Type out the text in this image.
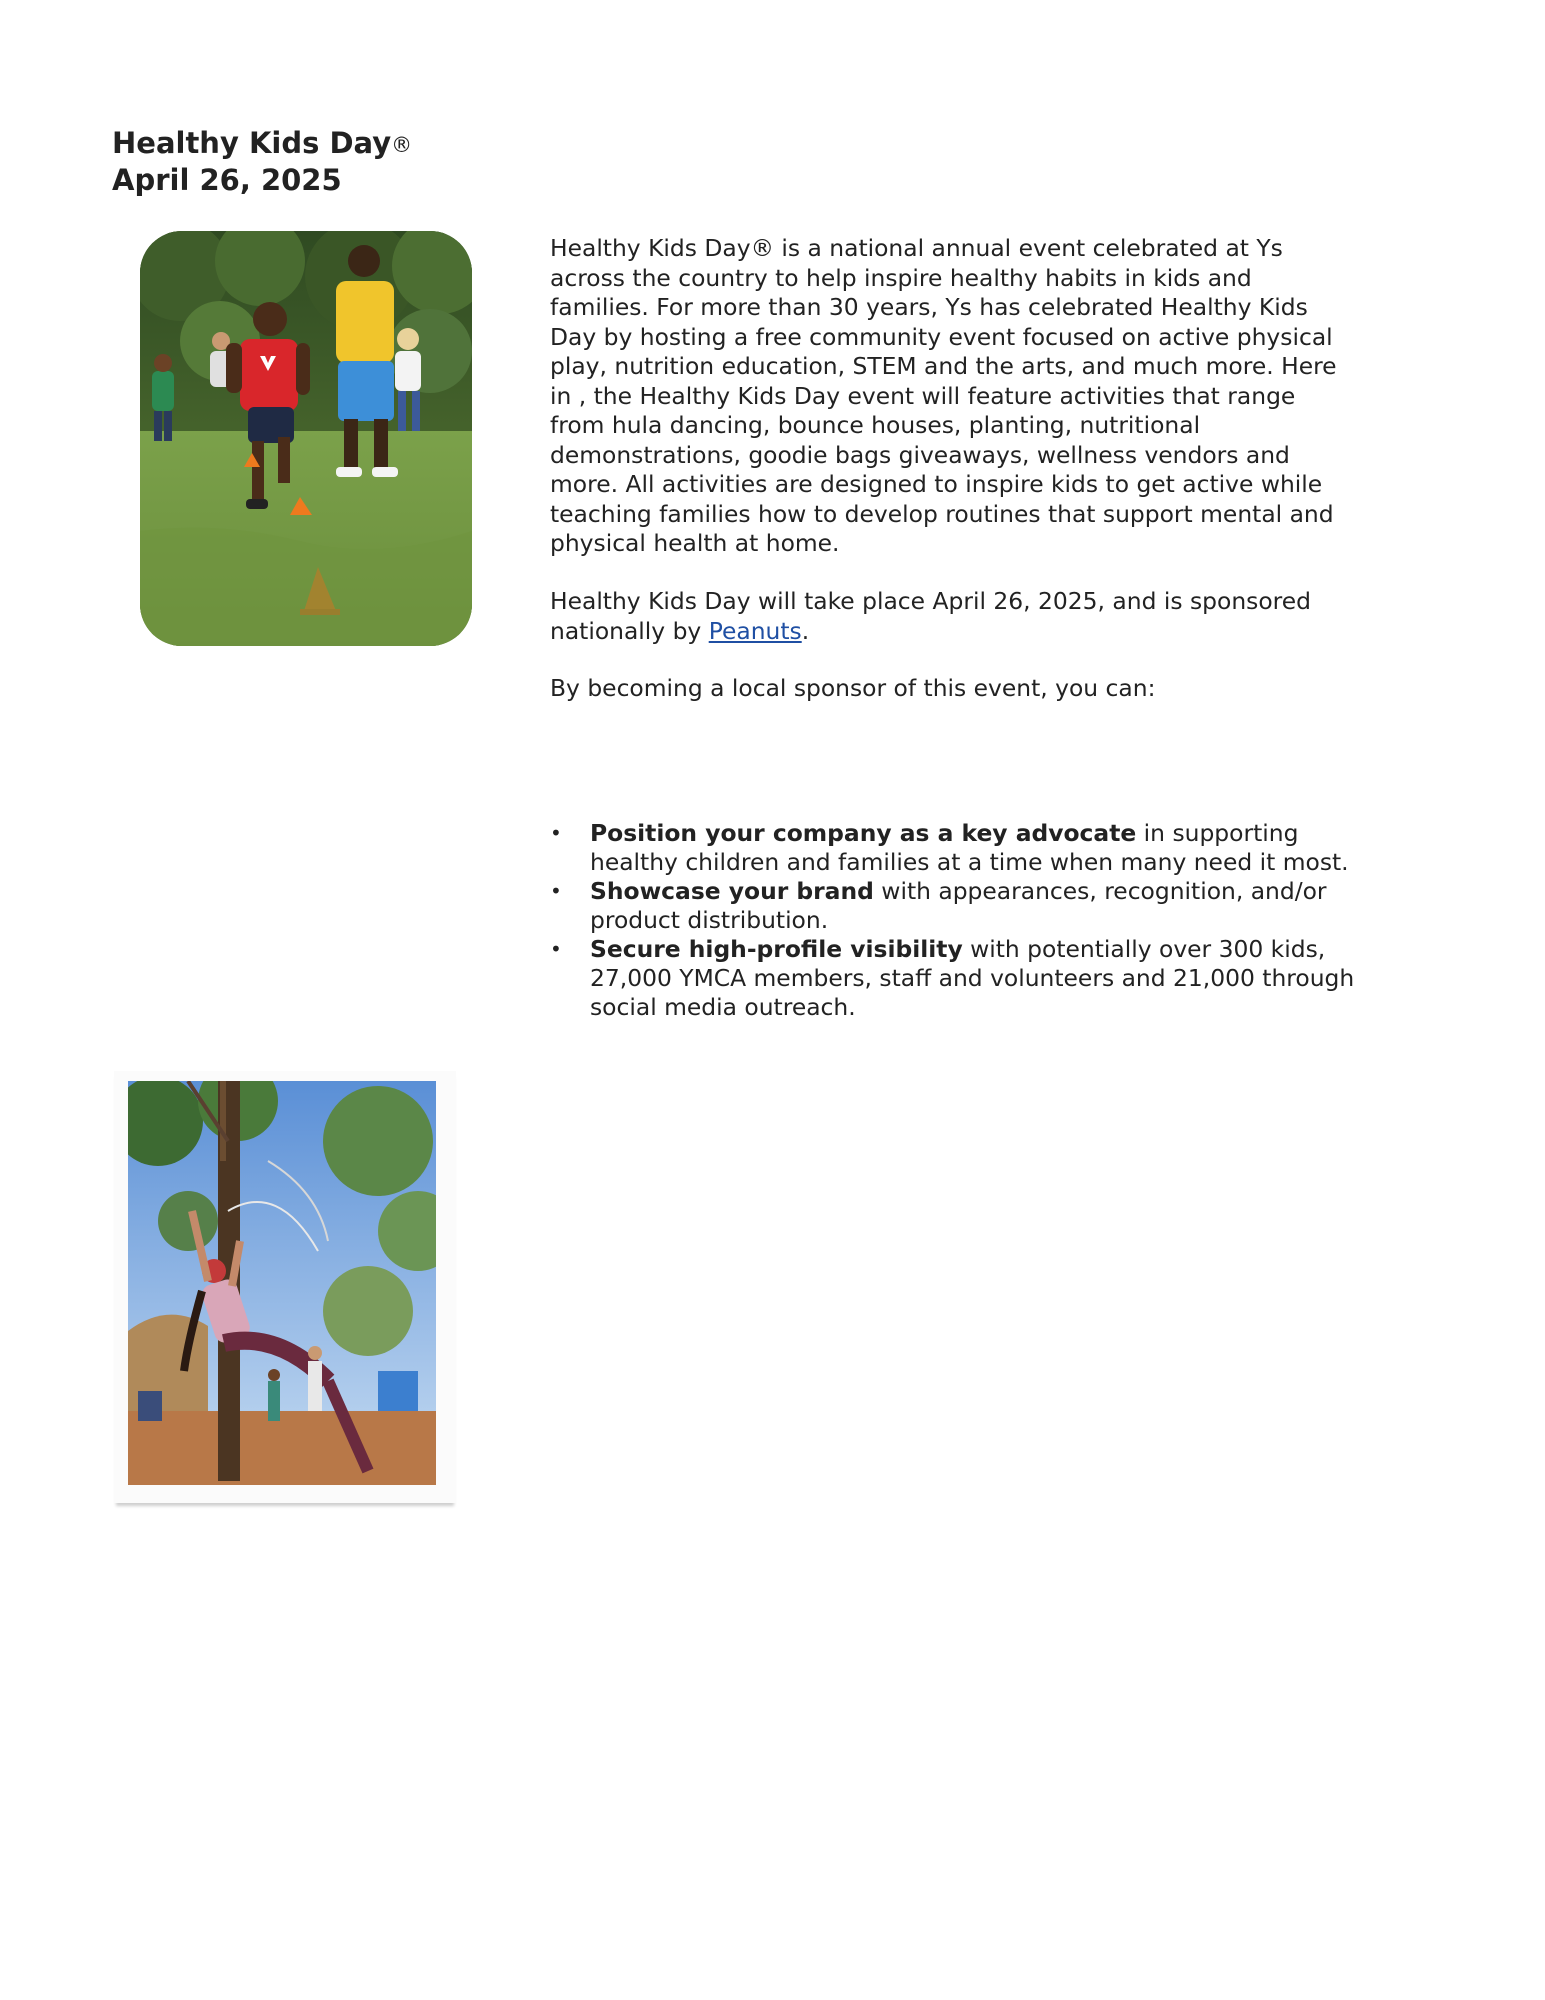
Healthy Kids Day®
April 26, 2025
Healthy Kids Day® is a national annual event celebrated at Ys across the country to help inspire healthy habits in kids and families. For more than 30 years, Ys has celebrated Healthy Kids Day by hosting a free community event focused on active physical play, nutrition education, STEM and the arts, and much more. Here in , the Healthy Kids Day event will feature activities that range from hula dancing, bounce houses, planting, nutritional demonstrations, goodie bags giveaways, wellness vendors and more. All activities are designed to inspire kids to get active while teaching families how to develop routines that support mental and physical health at home.
Healthy Kids Day will take place April 26, 2025, and is sponsored nationally by Peanuts.
By becoming a local sponsor of this event, you can:
• Position your company as a key advocate in supporting healthy children and families at a time when many need it most.
• Showcase your brand with appearances, recognition, and/or product distribution.
• Secure high-profile visibility with potentially over 300 kids, 27,000 YMCA members, staff and volunteers and 21,000 through social media outreach.
